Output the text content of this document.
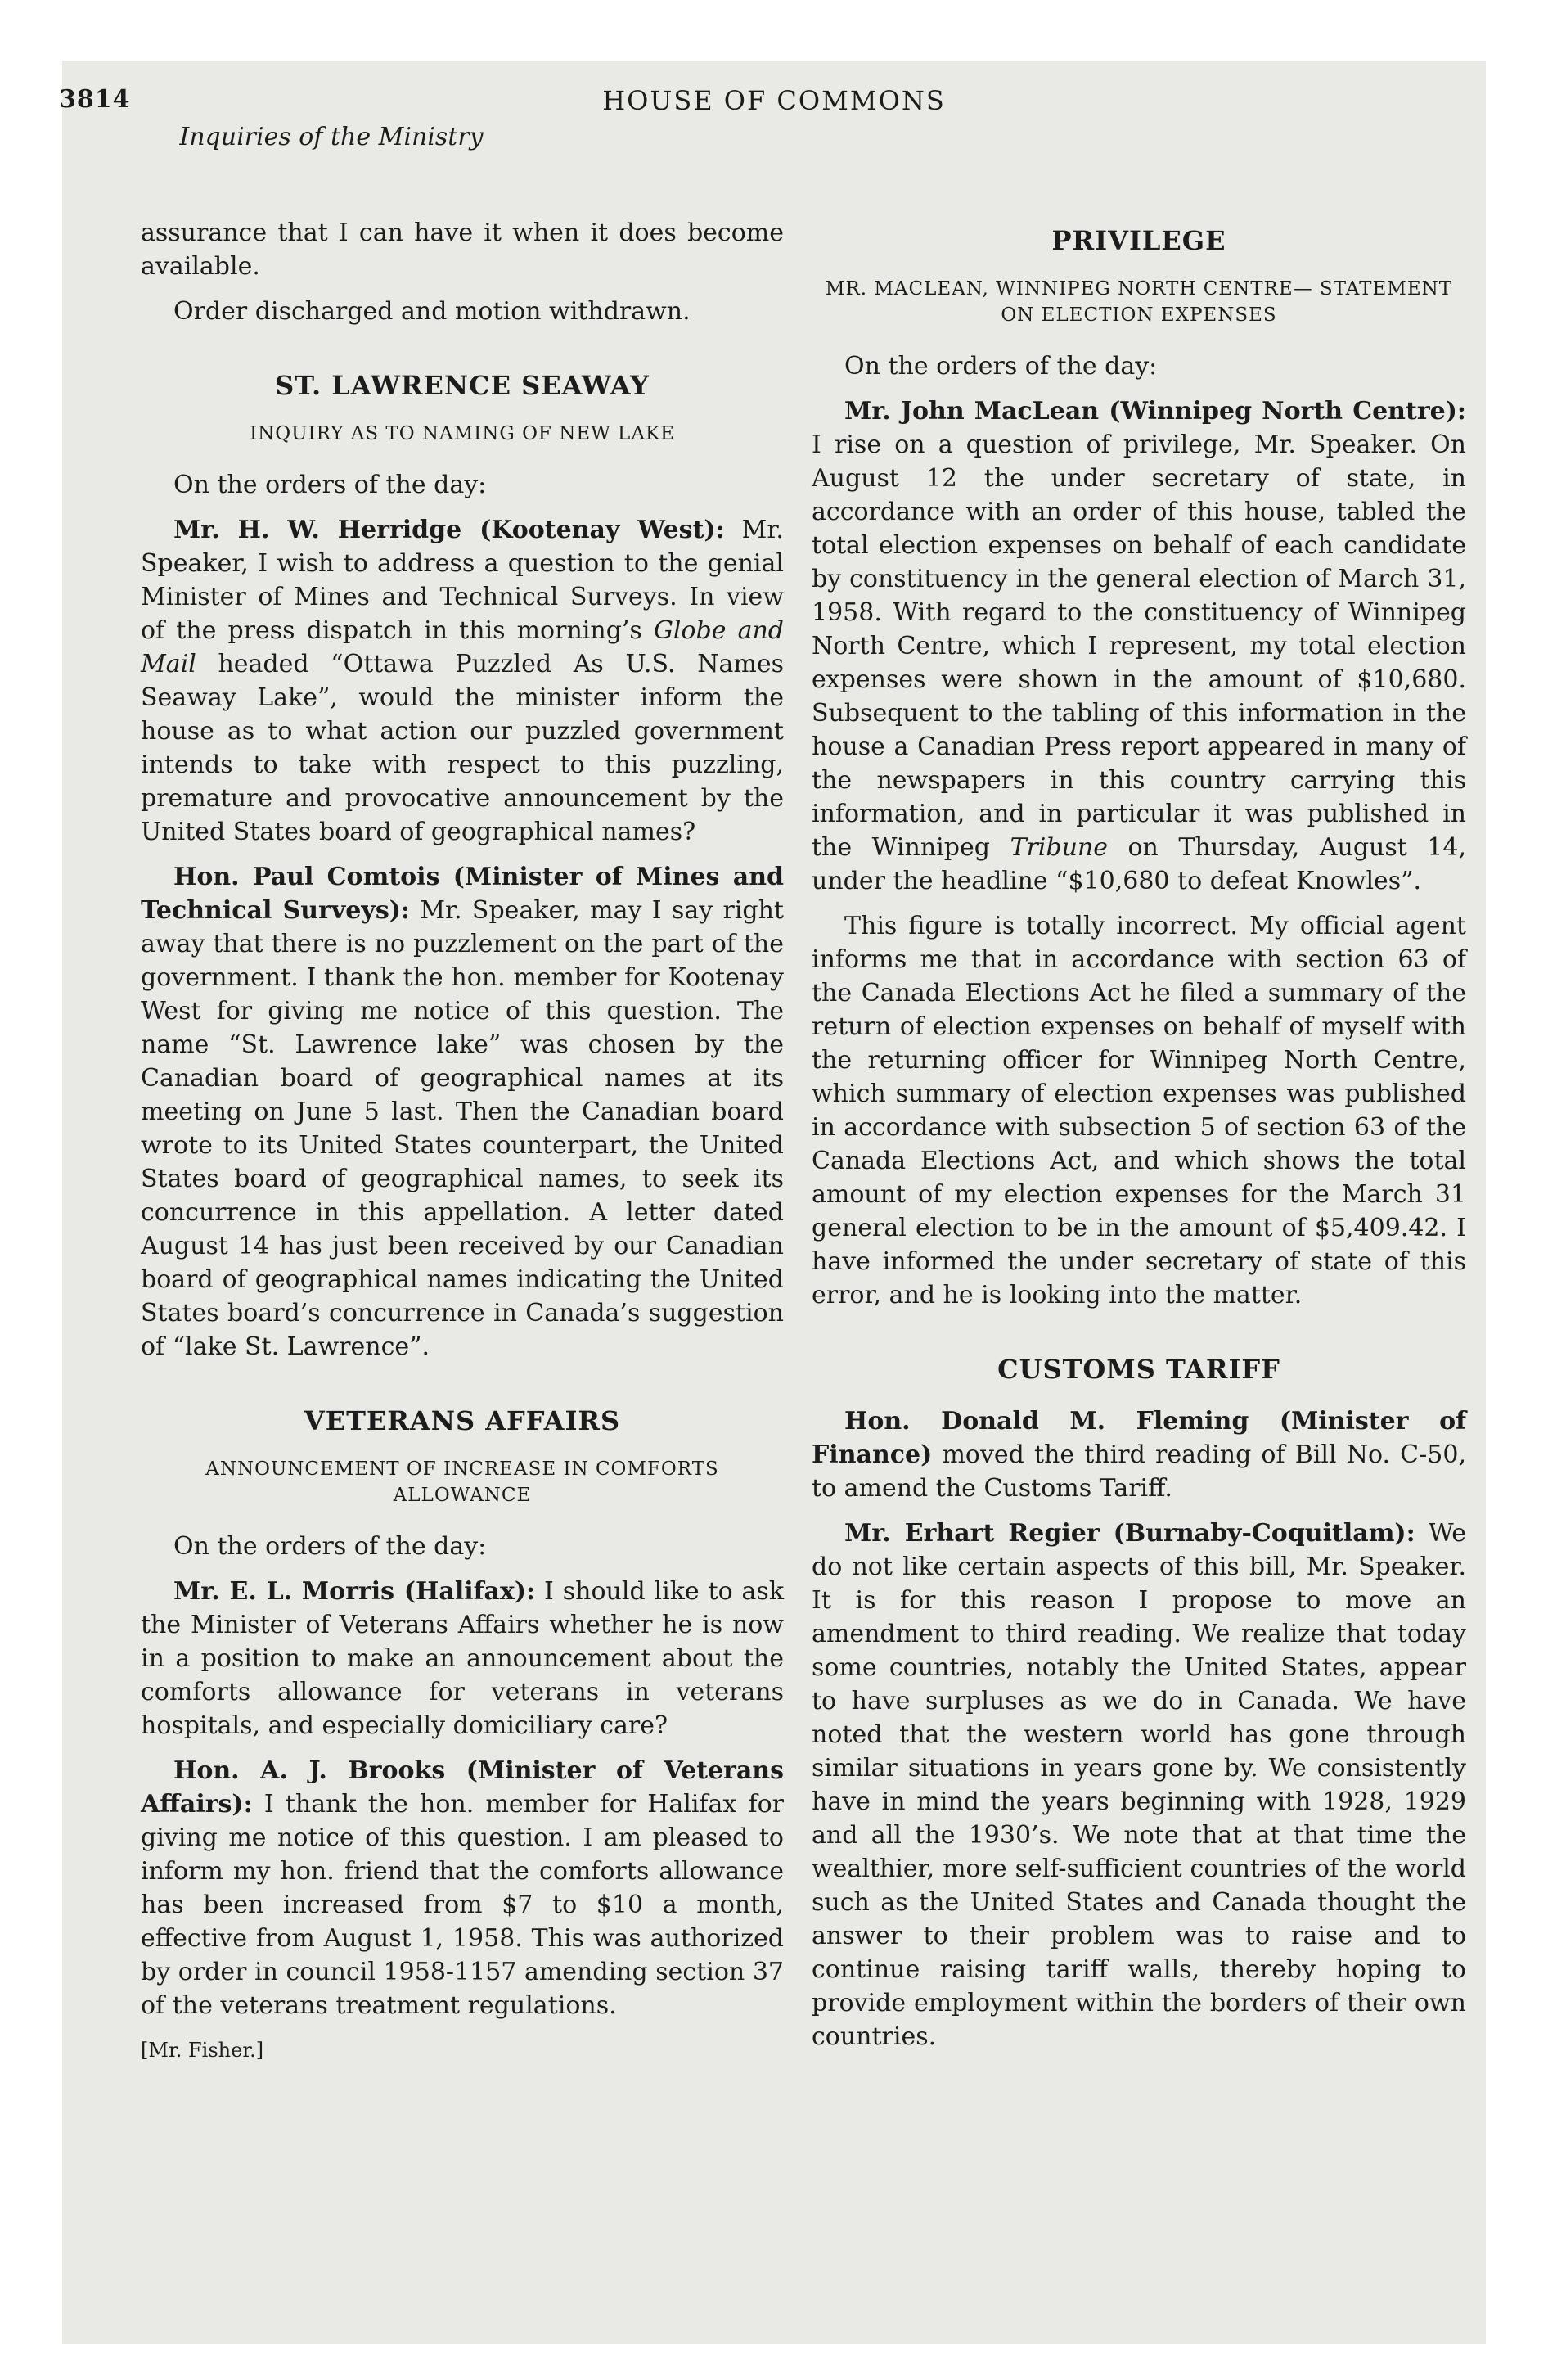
3814	HOUSE OF COMMONS
Inquiries of the Ministry

assurance that I can have it when it does become available.

Order discharged and motion withdrawn.

ST. LAWRENCE SEAWAY
INQUIRY AS TO NAMING OF NEW LAKE

On the orders of the day:

Mr. H. W. Herridge (Kootenay West): Mr. Speaker, I wish to address a question to the genial Minister of Mines and Technical Surveys. In view of the press dispatch in this morning’s Globe and Mail headed “Ottawa Puzzled As U.S. Names Seaway Lake”, would the minister inform the house as to what action our puzzled government intends to take with respect to this puzzling, premature and provocative announcement by the United States board of geographical names?

Hon. Paul Comtois (Minister of Mines and Technical Surveys): Mr. Speaker, may I say right away that there is no puzzlement on the part of the government. I thank the hon. member for Kootenay West for giving me notice of this question. The name “St. Lawrence lake” was chosen by the Canadian board of geographical names at its meeting on June 5 last. Then the Canadian board wrote to its United States counterpart, the United States board of geographical names, to seek its concurrence in this appellation. A letter dated August 14 has just been received by our Canadian board of geographical names indicating the United States board’s concurrence in Canada’s suggestion of “lake St. Lawrence”.

VETERANS AFFAIRS
ANNOUNCEMENT OF INCREASE IN COMFORTS ALLOWANCE

On the orders of the day:

Mr. E. L. Morris (Halifax): I should like to ask the Minister of Veterans Affairs whether he is now in a position to make an announcement about the comforts allowance for veterans in veterans hospitals, and especially domiciliary care?

Hon. A. J. Brooks (Minister of Veterans Affairs): I thank the hon. member for Halifax for giving me notice of this question. I am pleased to inform my hon. friend that the comforts allowance has been increased from $7 to $10 a month, effective from August 1, 1958. This was authorized by order in council 1958-1157 amending section 37 of the veterans treatment regulations.

[Mr. Fisher.]
PRIVILEGE
MR. MACLEAN, WINNIPEG NORTH CENTRE— STATEMENT ON ELECTION EXPENSES

On the orders of the day:

Mr. John MacLean (Winnipeg North Centre): I rise on a question of privilege, Mr. Speaker. On August 12 the under secretary of state, in accordance with an order of this house, tabled the total election expenses on behalf of each candidate by constituency in the general election of March 31, 1958. With regard to the constituency of Winnipeg North Centre, which I represent, my total election expenses were shown in the amount of $10,680. Subsequent to the tabling of this information in the house a Canadian Press report appeared in many of the newspapers in this country carrying this information, and in particular it was published in the Winnipeg Tribune on Thursday, August 14, under the headline “$10,680 to defeat Knowles”.

This figure is totally incorrect. My official agent informs me that in accordance with section 63 of the Canada Elections Act he filed a summary of the return of election expenses on behalf of myself with the returning officer for Winnipeg North Centre, which summary of election expenses was published in accordance with subsection 5 of section 63 of the Canada Elections Act, and which shows the total amount of my election expenses for the March 31 general election to be in the amount of $5,409.42. I have informed the under secretary of state of this error, and he is looking into the matter.

CUSTOMS TARIFF

Hon. Donald M. Fleming (Minister of Finance) moved the third reading of Bill No. C-50, to amend the Customs Tariff.

Mr. Erhart Regier (Burnaby-Coquitlam): We do not like certain aspects of this bill, Mr. Speaker. It is for this reason I propose to move an amendment to third reading. We realize that today some countries, notably the United States, appear to have surpluses as we do in Canada. We have noted that the western world has gone through similar situations in years gone by. We consistently have in mind the years beginning with 1928, 1929 and all the 1930’s. We note that at that time the wealthier, more self-sufficient countries of the world such as the United States and Canada thought the answer to their problem was to raise and to continue raising tariff walls, thereby hoping to provide employment within the borders of their own countries.
